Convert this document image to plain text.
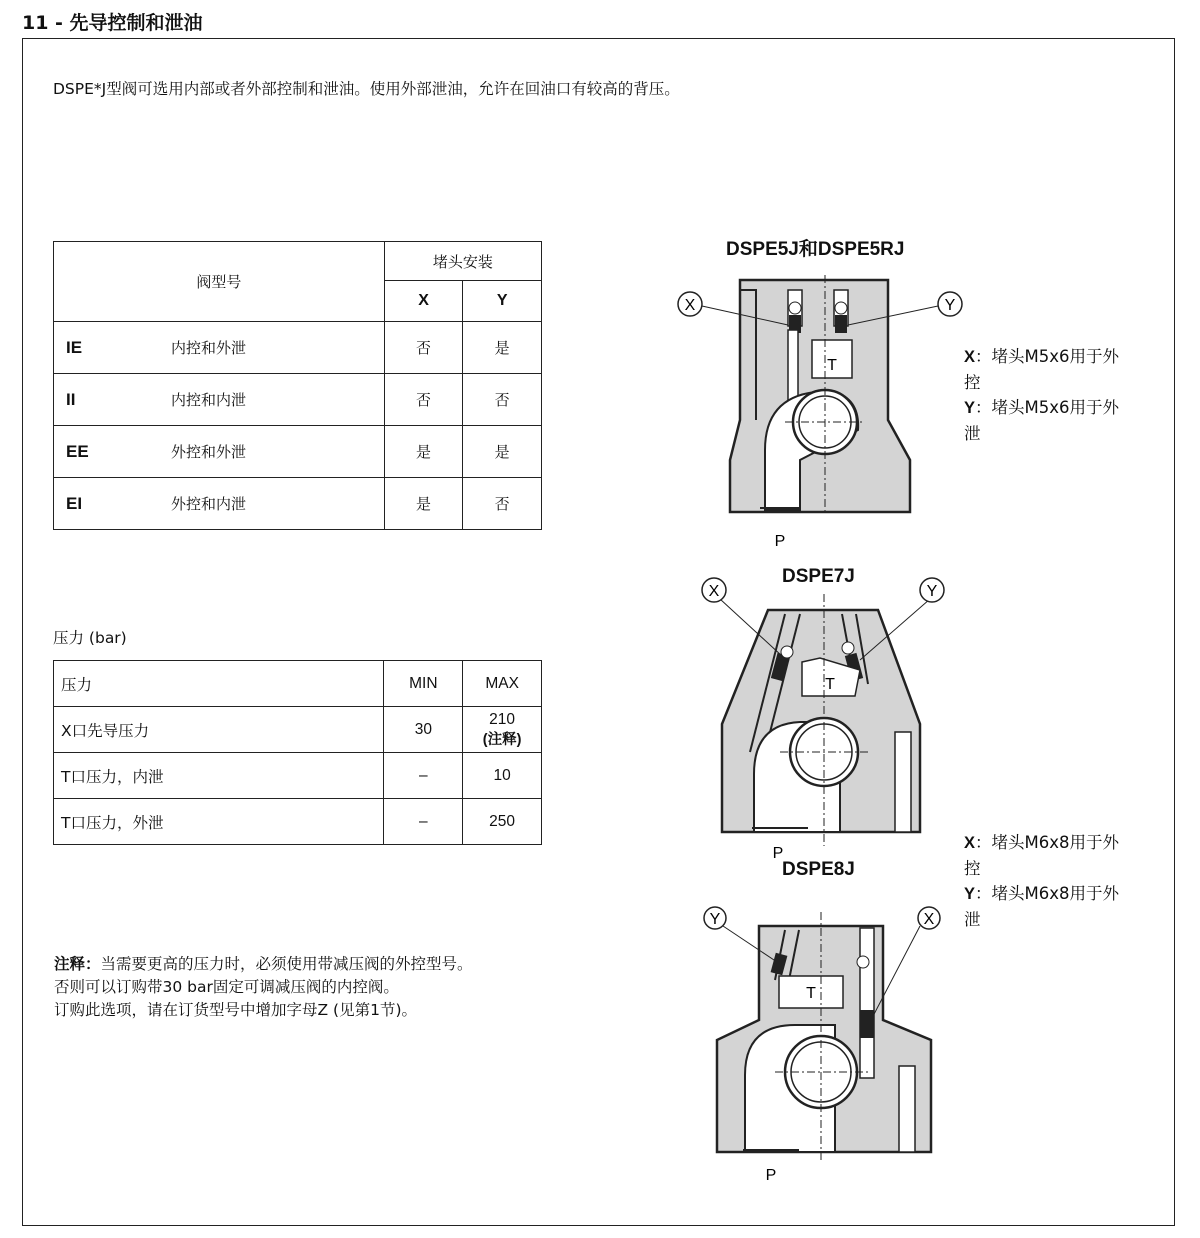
11 - 先导控制和泄油
DSPE*J型阀可选用内部或者外部控制和泄油。使用外部泄油，允许在回油口有较高的背压。
阀型号	堵头安装	
	X	Y
IE 内控和外泄	否	是
II 内控和内泄	否	否
EE 外控和外泄	是	是
EI 外控和内泄	是	否
压力 (bar)
压力	MIN	MAX
X口先导压力	30	210
(注释)

T口压力，内泄	–	10
T口压力，外泄	–	250
注释：当需要更高的压力时，必须使用带减压阀的外控型号。
否则可以订购带30 bar固定可调减压阀的内控阀。
订购此选项，请在订货型号中增加字母Z (见第1节)。
DSPE5J和DSPE5RJ
DSPE7J
DSPE8J
T
X	Y
P
T
X	Y
P
T
Y	X
P
X：堵头M5x6用于外控
Y：堵头M5x6用于外泄
X：堵头M6x8用于外控
Y：堵头M6x8用于外泄
